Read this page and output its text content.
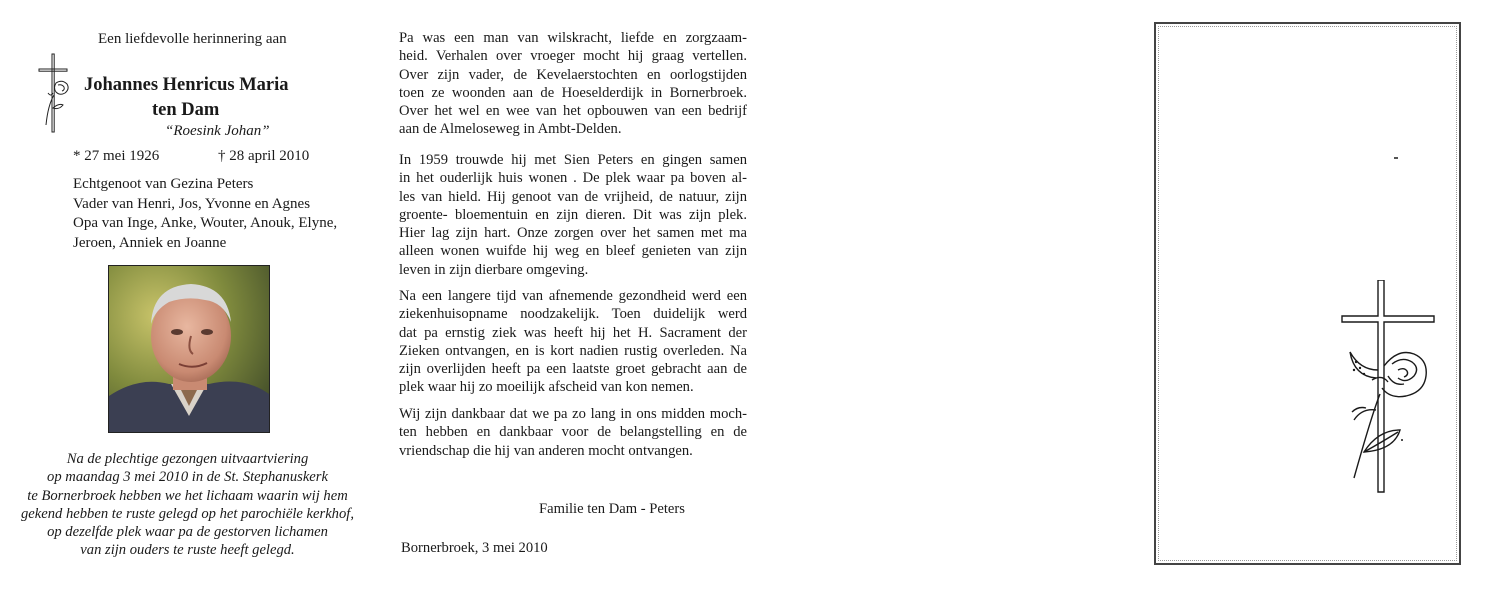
Een liefdevolle herinnering aan
Johannes Henricus Maria
ten Dam
“Roesink Johan”
* 27 mei 1926	† 28 april 2010
Echtgenoot van Gezina Peters
Vader van Henri, Jos, Yvonne en Agnes
Opa van Inge, Anke, Wouter, Anouk, Elyne,
Jeroen, Anniek en Joanne
Na de plechtige gezongen uitvaartviering
op maandag 3 mei 2010 in de St. Stephanuskerk
te Bornerbroek hebben we het lichaam waarin wij hem
gekend hebben te ruste gelegd op het parochiële kerkhof,
op dezelfde plek waar pa de gestorven lichamen
van zijn ouders te ruste heeft gelegd.
Pa was een man van wilskracht, liefde en zorgzaam-
heid. Verhalen over vroeger mocht hij graag vertellen.
Over zijn vader, de Kevelaerstochten en oorlogstijden
toen ze woonden aan de Hoeselderdijk in Bornerbroek.
Over het wel en wee van het opbouwen van een bedrijf
aan de Almeloseweg in Ambt-Delden.
In 1959 trouwde hij met Sien Peters en gingen samen
in het ouderlijk huis wonen . De plek waar pa boven al-
les van hield. Hij genoot van de vrijheid, de natuur, zijn
groente- bloementuin en zijn dieren. Dit was zijn plek.
Hier lag zijn hart. Onze zorgen over het samen met ma
alleen wonen wuifde hij weg en bleef genieten van zijn
leven in zijn dierbare omgeving.
Na een langere tijd van afnemende gezondheid werd een
ziekenhuisopname noodzakelijk. Toen duidelijk werd
dat pa ernstig ziek was heeft hij het H. Sacrament der
Zieken ontvangen, en is kort nadien rustig overleden. Na
zijn overlijden heeft pa een laatste groet gebracht aan de
plek waar hij zo moeilijk afscheid van kon nemen.
Wij zijn dankbaar dat we pa zo lang in ons midden moch-
ten hebben en dankbaar voor de belangstelling en de
vriendschap die hij van anderen mocht ontvangen.
Familie ten Dam - Peters
Bornerbroek, 3 mei 2010
